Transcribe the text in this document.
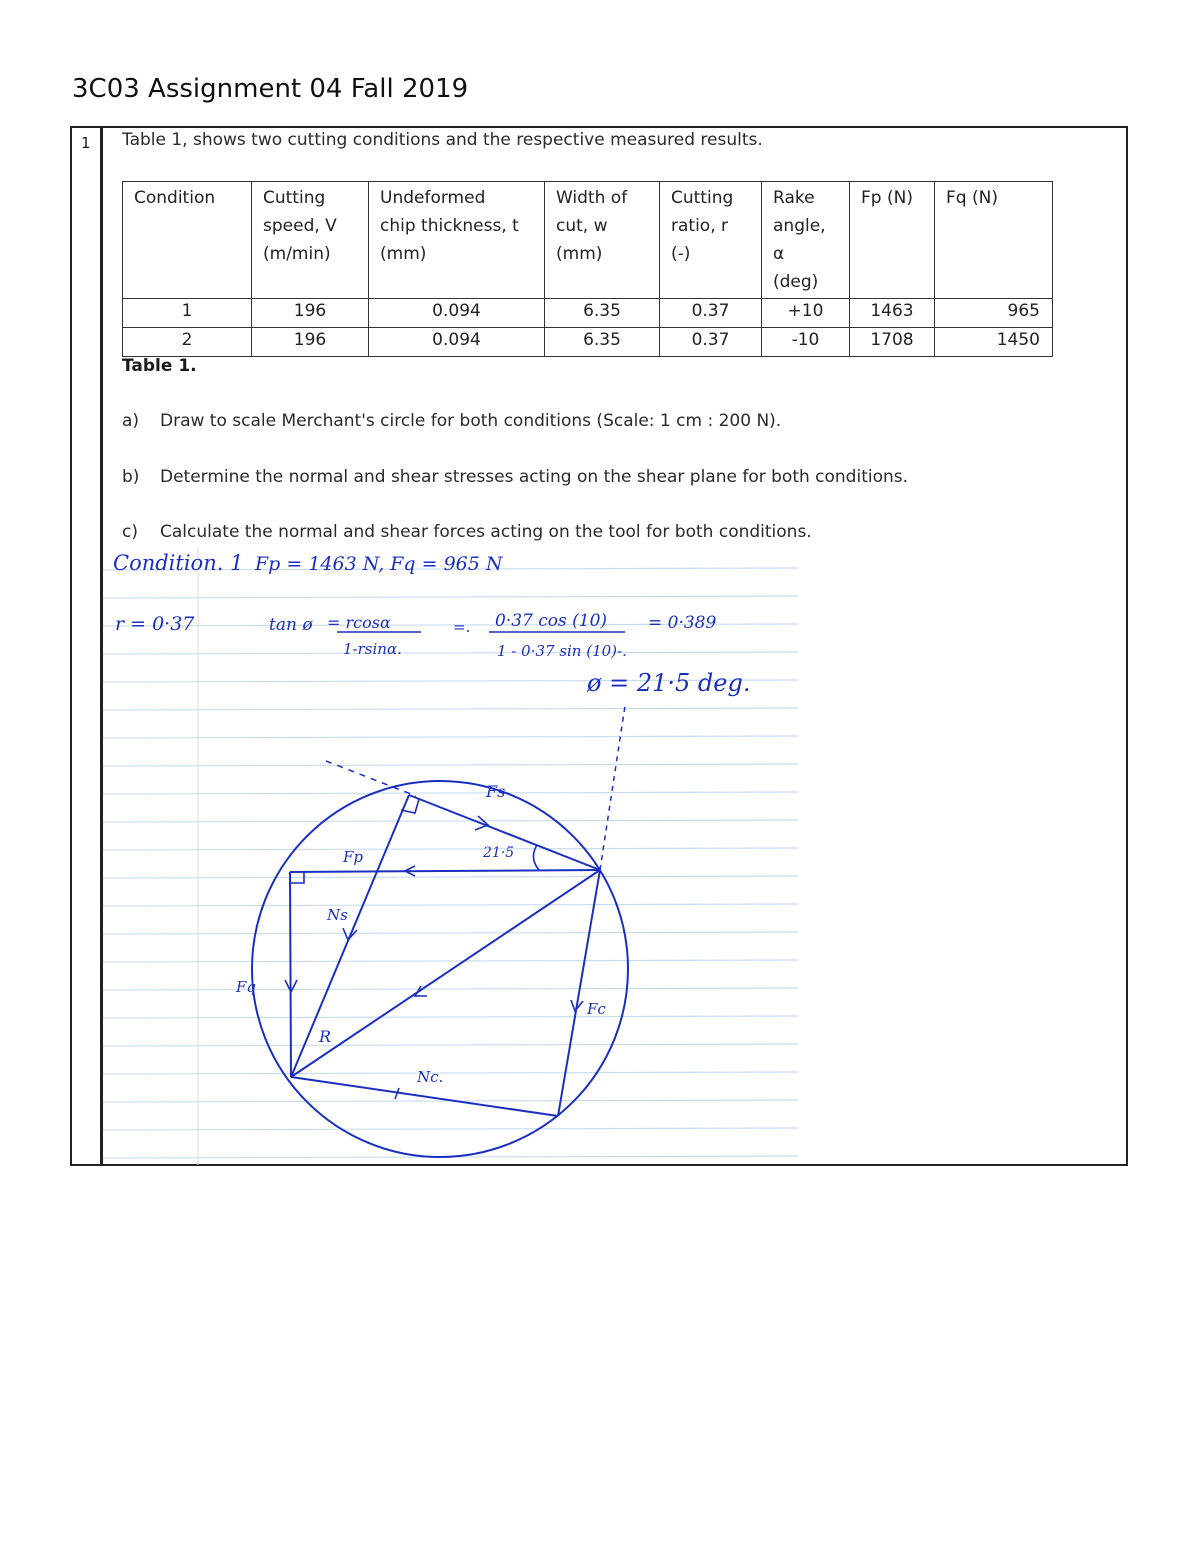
3C03 Assignment 04 Fall 2019
1 Table 1, shows two cutting conditions and the respective measured results.
Condition	Cutting
speed, V
(m/min)	Undeformed
chip thickness, t
(mm)	Width of
cut, w
(mm)	Cutting
ratio, r
(-)	Rake
angle,
α
(deg)	Fp (N)	Fq (N)
1	196	0.094	6.35	0.37	+10	1463	965
2	196	0.094	6.35	0.37	-10	1708	1450
Table 1.
a) Draw to scale Merchant's circle for both conditions (Scale: 1 cm : 200 N).
b) Determine the normal and shear stresses acting on the shear plane for both conditions.
c) Calculate the normal and shear forces acting on the tool for both conditions.
Condition. 1 Fp = 1463 N, Fq = 965 N
r = 0·37	tan ø = rcosα
1-rsinα.
=. 0·37 cos (10)
1 - 0·37 sin (10)-.
= 0·389
ø = 21·5 deg.
Fs
Fp	21·5
Ns
Fq
R
Fc
Nc.
